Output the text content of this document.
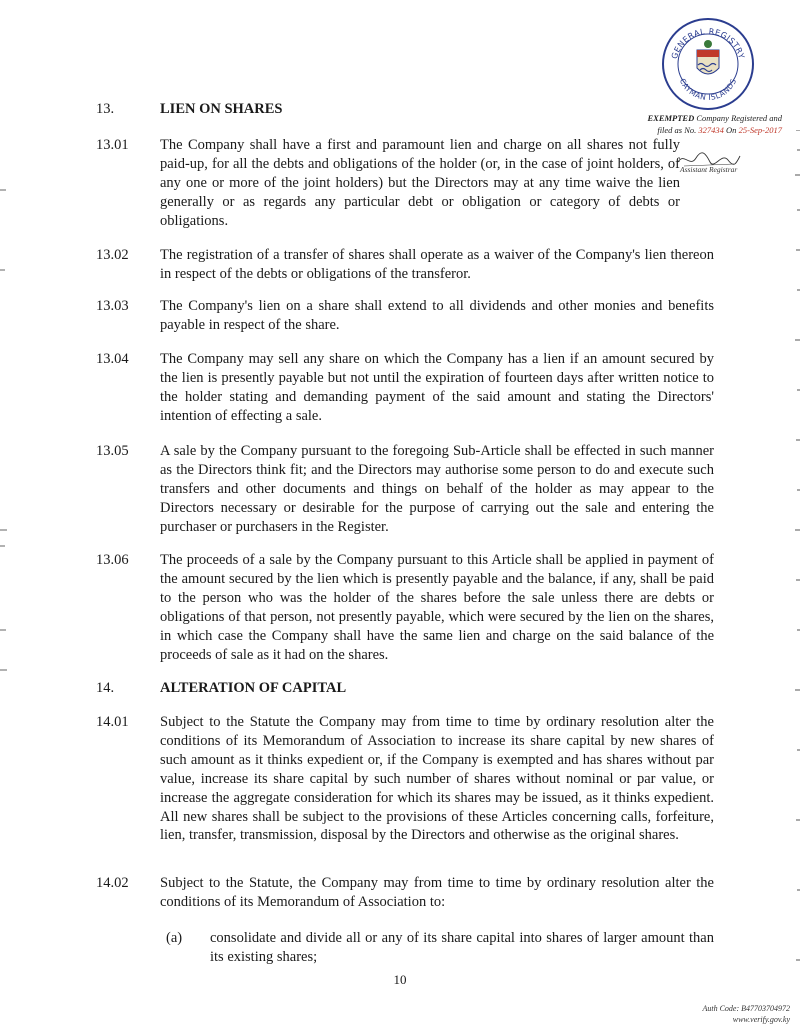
GENERAL REGISTRY
CAYMAN ISLANDS
EXEMPTED Company Registered and
filed as No. 327434 On 25-Sep-2017
Assistant Registrar
13.	LIEN ON SHARES
13.01 The Company shall have a first and paramount lien and charge on all shares not fully paid-up, for all the debts and obligations of the holder (or, in the case of joint holders, of any one or more of the joint holders) but the Directors may at any time waive the lien generally or as regards any particular debt or obligation or category of debts or obligations.
13.02 The registration of a transfer of shares shall operate as a waiver of the Company's lien thereon in respect of the debts or obligations of the transferor.
13.03 The Company's lien on a share shall extend to all dividends and other monies and benefits payable in respect of the share.
13.04 The Company may sell any share on which the Company has a lien if an amount secured by the lien is presently payable but not until the expiration of fourteen days after written notice to the holder stating and demanding payment of the said amount and stating the Directors' intention of effecting a sale.
13.05 A sale by the Company pursuant to the foregoing Sub-Article shall be effected in such manner as the Directors think fit; and the Directors may authorise some person to do and execute such transfers and other documents and things on behalf of the holder as may appear to the Directors necessary or desirable for the purpose of carrying out the sale and entering the purchaser or purchasers in the Register.
13.06 The proceeds of a sale by the Company pursuant to this Article shall be applied in payment of the amount secured by the lien which is presently payable and the balance, if any, shall be paid to the person who was the holder of the shares before the sale unless there are debts or obligations of that person, not presently payable, which were secured by the lien on the shares, in which case the Company shall have the same lien and charge on the said balance of the proceeds of sale as it had on the shares.
14.	ALTERATION OF CAPITAL
14.01 Subject to the Statute the Company may from time to time by ordinary resolution alter the conditions of its Memorandum of Association to increase its share capital by new shares of such amount as it thinks expedient or, if the Company is exempted and has shares without par value, increase its share capital by such number of shares without nominal or par value, or increase the aggregate consideration for which its shares may be issued, as it thinks expedient. All new shares shall be subject to the provisions of these Articles concerning calls, forfeiture, lien, transfer, transmission, disposal by the Directors and otherwise as the original shares.
14.02 Subject to the Statute, the Company may from time to time by ordinary resolution alter the conditions of its Memorandum of Association to:
(a) consolidate and divide all or any of its share capital into shares of larger amount than its existing shares;
10
Auth Code: B47703704972
www.verify.gov.ky
